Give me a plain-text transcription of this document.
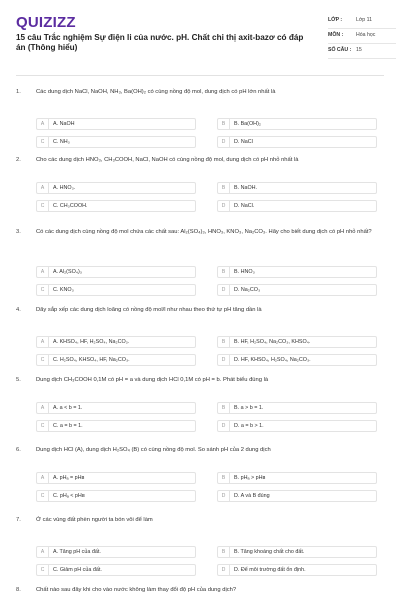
QUIZIZZ
15 câu Trắc nghiệm Sự điện li của nước. pH. Chất chỉ thị axit-bazơ có đáp án (Thông hiểu)
LỚP :	Lớp 11
MÔN :	Hóa học
SỐ CÂU : 15
1.	Các dung dịch NaCl, NaOH, NH₃, Ba(OH)₂ có cùng nồng độ mol, dung dịch có pH lớn nhất là
A	A. NaOH	B	B. Ba(OH)₂
C	C. NH₃	D	D. NaCl
2.	Cho các dung dịch HNO₃, CH₃COOH, NaCl, NaOH có cùng nồng độ mol, dung dịch có pH nhỏ nhất là
A	A. HNO₃.	B	B. NaOH.
C	C. CH₃COOH.	D	D. NaCl.
3.	Có các dung dịch cùng nồng độ mol chứa các chất sau: Al₂(SO₄)₃, HNO₃, KNO₃, Na₂CO₃. Hãy cho biết dung dịch có pH nhỏ nhất?
A	A. Al₂(SO₄)₃	B	B. HNO₃
C	C. KNO₃	D	D. Na₂CO₃
4.	Dãy sắp xếp các dung dịch loãng có nồng độ mol/l như nhau theo thứ tự pH tăng dần là
A	A. KHSO₄, HF, H₂SO₄, Na₂CO₃.	B	B. HF, H₂SO₄, Na₂CO₃, KHSO₄.
C	C. H₂SO₄, KHSO₄, HF, Na₂CO₃.	D	D. HF, KHSO₄, H₂SO₄, Na₂CO₃.
5.	Dung dịch CH₃COOH 0,1M có pH = a và dung dịch HCl 0,1M có pH = b. Phát biểu đúng là
A	A. a < b = 1.	B	B. a > b = 1.
C	C. a = b = 1.	D	D. a = b > 1.
6.	Dung dịch HCl (A), dung dịch H₂SO₄ (B) có cùng nồng độ mol. So sánh pH của 2 dung dịch
A	A. pHₐ = pHʙ	B	B. pHₐ > pHʙ
C	C. pHₐ < pHʙ	D	D. A và B đúng
7.	Ở các vùng đất phèn người ta bón vôi để làm
A	A. Tăng pH của đất.	B	B. Tăng khoáng chất cho đất.
C	C. Giảm pH của đất.	D	D. Để môi trường đất ổn định.
8.	Chất nào sau đây khi cho vào nước không làm thay đổi độ pH của dung dịch?
